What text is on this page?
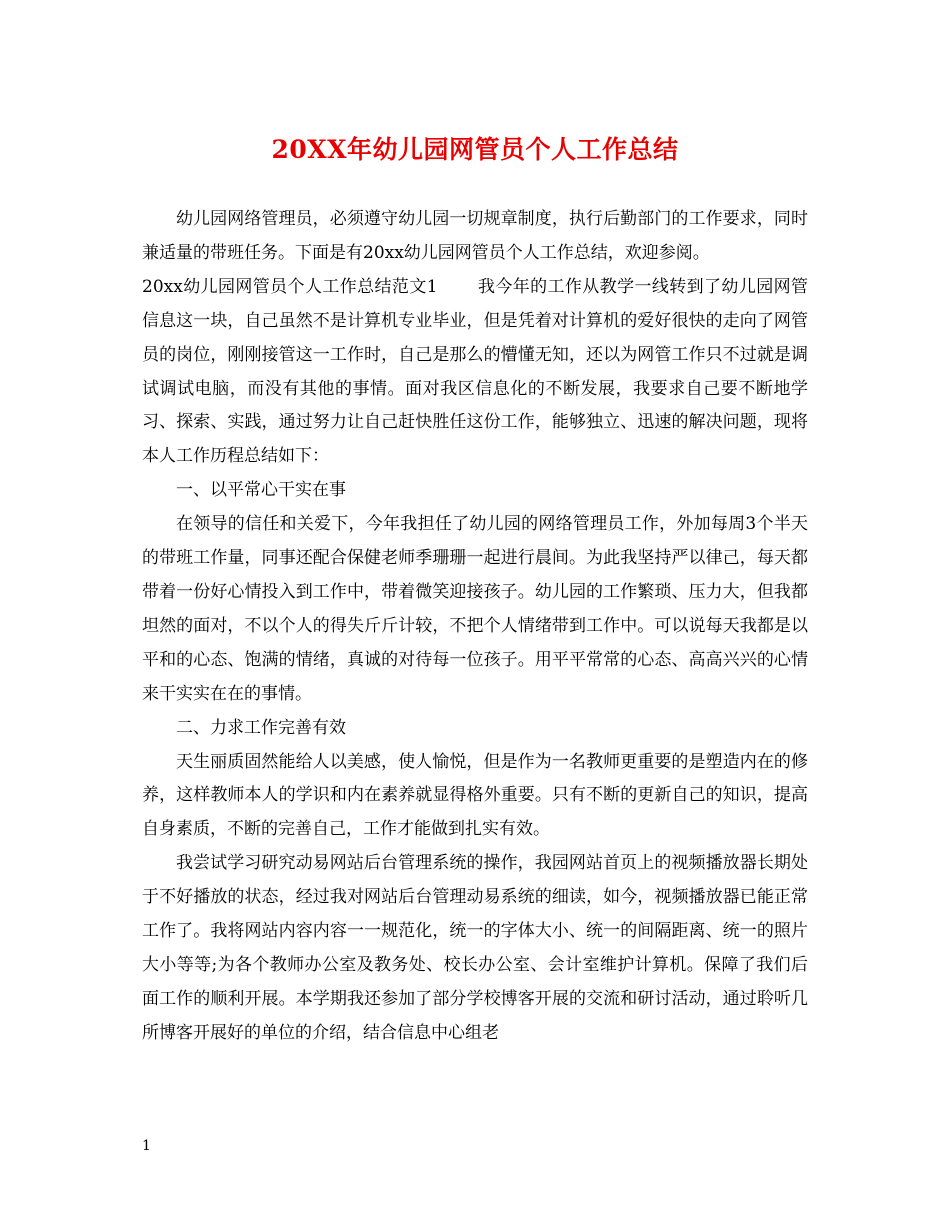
20XX年幼儿园网管员个人工作总结

幼儿园网络管理员，必须遵守幼儿园一切规章制度，执行后勤部门的工作要求，同时兼适量的带班任务。下面是有20xx幼儿园网管员个人工作总结，欢迎参阅。

20xx幼儿园网管员个人工作总结范文1 我今年的工作从教学一线转到了幼儿园网管信息这一块，自己虽然不是计算机专业毕业，但是凭着对计算机的爱好很快的走向了网管员的岗位，刚刚接管这一工作时，自己是那么的懵懂无知，还以为网管工作只不过就是调试调试电脑，而没有其他的事情。面对我区信息化的不断发展，我要求自己要不断地学习、探索、实践，通过努力让自己赶快胜任这份工作，能够独立、迅速的解决问题，现将本人工作历程总结如下：

一、以平常心干实在事

在领导的信任和关爱下，今年我担任了幼儿园的网络管理员工作，外加每周3个半天的带班工作量，同事还配合保健老师季珊珊一起进行晨间。为此我坚持严以律己，每天都带着一份好心情投入到工作中，带着微笑迎接孩子。幼儿园的工作繁琐、压力大，但我都坦然的面对，不以个人的得失斤斤计较，不把个人情绪带到工作中。可以说每天我都是以平和的心态、饱满的情绪，真诚的对待每一位孩子。用平平常常的心态、高高兴兴的心情来干实实在在的事情。

二、力求工作完善有效

天生丽质固然能给人以美感，使人愉悦，但是作为一名教师更重要的是塑造内在的修养，这样教师本人的学识和内在素养就显得格外重要。只有不断的更新自己的知识，提高自身素质，不断的完善自己，工作才能做到扎实有效。

我尝试学习研究动易网站后台管理系统的操作，我园网站首页上的视频播放器长期处于不好播放的状态，经过我对网站后台管理动易系统的细读，如今，视频播放器已能正常工作了。我将网站内容内容一一规范化，统一的字体大小、统一的间隔距离、统一的照片大小等等;为各个教师办公室及教务处、校长办公室、会计室维护计算机。保障了我们后面工作的顺利开展。本学期我还参加了部分学校博客开展的交流和研讨活动，通过聆听几所博客开展好的单位的介绍，结合信息中心组老

1
